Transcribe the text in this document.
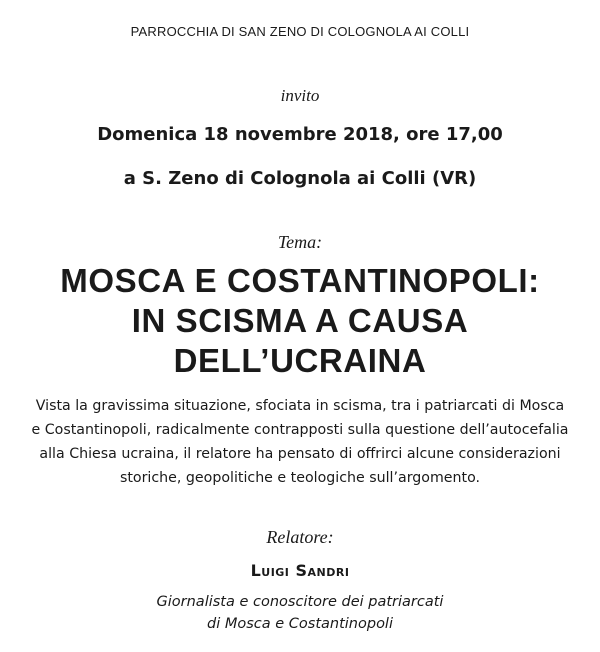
PARROCCHIA DI SAN ZENO DI COLOGNOLA AI COLLI
invito
Domenica 18 novembre 2018, ore 17,00
a S. Zeno di Colognola ai Colli (VR)
Tema:
MOSCA E COSTANTINOPOLI:
IN SCISMA A CAUSA
DELL’UCRAINA
Vista la gravissima situazione, sfociata in scisma, tra i patriarcati di Mosca
e Costantinopoli, radicalmente contrapposti sulla questione dell’autocefalia
alla Chiesa ucraina, il relatore ha pensato di offrirci alcune considerazioni
storiche, geopolitiche e teologiche sull’argomento.
Relatore:
Luigi Sandri
Giornalista e conoscitore dei patriarcati
di Mosca e Costantinopoli
